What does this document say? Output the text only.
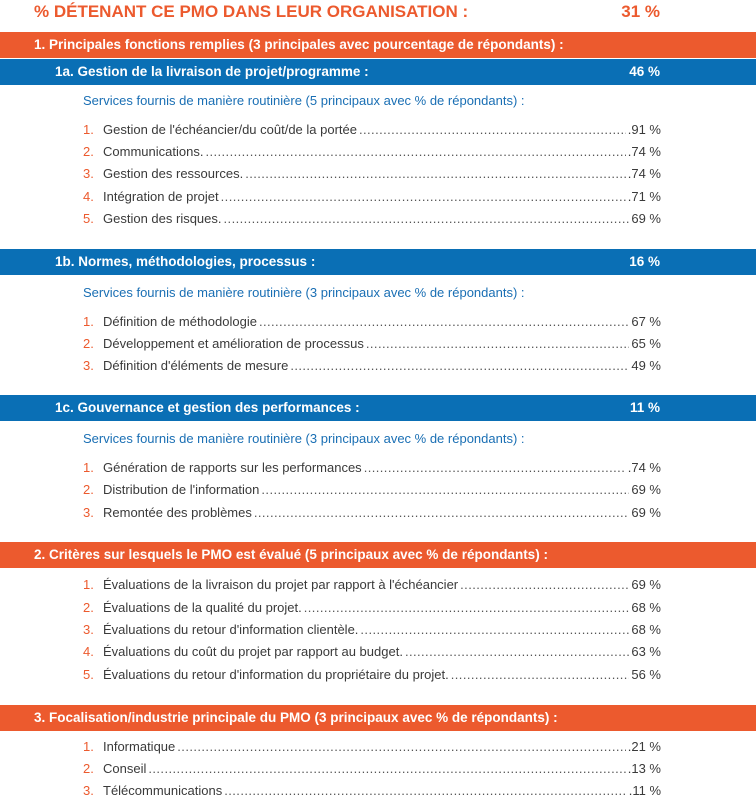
% DÉTENANT CE PMO DANS LEUR ORGANISATION :	31 %
1. Principales fonctions remplies (3 principales avec pourcentage de répondants) :
1a. Gestion de la livraison de projet/programme :	46 %
Services fournis de manière routinière (5 principaux avec % de répondants) :
1. Gestion de l'échéancier/du coût/de la portée . . .	.91 %
2. Communications. . . .	.74 %
3. Gestion des ressources. . . .	.74 %
4. Intégration de projet . . .	.71 %
5. Gestion des risques. . . .	69 %
1b. Normes, méthodologies, processus :	16 %
Services fournis de manière routinière (3 principaux avec % de répondants) :
1. Définition de méthodologie . . .	67 %
2. Développement et amélioration de processus . . .	65 %
3. Définition d'éléments de mesure . . .	49 %
1c. Gouvernance et gestion des performances :	11 %
Services fournis de manière routinière (3 principaux avec % de répondants) :
1. Génération de rapports sur les performances . . .	.74 %
2. Distribution de l'information . . .	69 %
3. Remontée des problèmes . . .	69 %
2. Critères sur lesquels le PMO est évalué (5 principaux avec % de répondants) :
1. Évaluations de la livraison du projet par rapport à l'échéancier . . .	69 %
2. Évaluations de la qualité du projet. . . .	68 %
3. Évaluations du retour d'information clientèle. . . .	68 %
4. Évaluations du coût du projet par rapport au budget. . . .	63 %
5. Évaluations du retour d'information du propriétaire du projet. . . .	56 %
3. Focalisation/industrie principale du PMO (3 principaux avec % de répondants) :
1. Informatique . . .	.21 %
2. Conseil . . .	.13 %
3. Télécommunications . . .	.11 %
